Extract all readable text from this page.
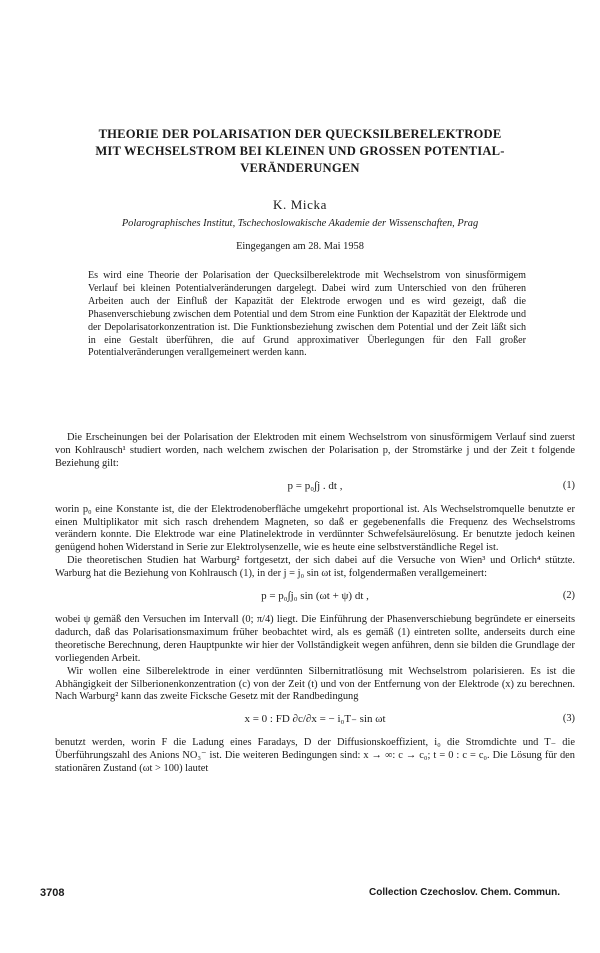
THEORIE DER POLARISATION DER QUECKSILBERELEKTRODE
MIT WECHSELSTROM BEI KLEINEN UND GROSSEN POTENTIAL-
VERÄNDERUNGEN
K. Micka
Polarographisches Institut, Tschechoslowakische Akademie der Wissenschaften, Prag
Eingegangen am 28. Mai 1958
Es wird eine Theorie der Polarisation der Quecksilberelektrode mit Wechselstrom von sinusförmigem Verlauf bei kleinen Potentialveränderungen dargelegt. Dabei wird zum Unterschied von den früheren Arbeiten auch der Einfluß der Kapazität der Elektrode erwogen und es wird gezeigt, daß die Phasenverschiebung zwischen dem Potential und dem Strom eine Funktion der Kapazität der Elektrode und der Depolarisatorkonzentration ist. Die Funktionsbeziehung zwischen dem Potential und der Zeit läßt sich in eine Gestalt überführen, die auf Grund approximativer Überlegungen für den Fall großer Potentialveränderungen verallgemeinert werden kann.

Die Erscheinungen bei der Polarisation der Elektroden mit einem Wechselstrom von sinusförmigem Verlauf sind zuerst von Kohlrausch¹ studiert worden, nach welchem zwischen der Polarisation p, der Stromstärke j und der Zeit t folgende Beziehung gilt:

p = p₀∫j . dt ,	(1)

worin p₀ eine Konstante ist, die der Elektrodenoberfläche umgekehrt proportional ist. Als Wechselstromquelle benutzte er einen Multiplikator mit sich rasch drehendem Magneten, so daß er gegebenenfalls die Frequenz des Wechselstroms verändern konnte. Die Elektrode war eine Platinelektrode in verdünnter Schwefelsäurelösung. Er benutzte jedoch keinen genügend hohen Widerstand in Serie zur Elektrolysenzelle, wie es heute eine selbstverständliche Regel ist.

Die theoretischen Studien hat Warburg² fortgesetzt, der sich dabei auf die Versuche von Wien³ und Orlich⁴ stützte. Warburg hat die Beziehung von Kohlrausch (1), in der j = j₀ sin ωt ist, folgendermaßen verallgemeinert:

p = p₀∫j₀ sin (ωt + ψ) dt ,	(2)

wobei ψ gemäß den Versuchen im Intervall (0; π/4) liegt. Die Einführung der Phasenverschiebung begründete er einerseits dadurch, daß das Polarisationsmaximum früher beobachtet wird, als es gemäß (1) eintreten sollte, anderseits durch eine theoretische Berechnung, deren Hauptpunkte wir hier der Vollständigkeit wegen anführen, denn sie bilden die Grundlage der vorliegenden Arbeit.

Wir wollen eine Silberelektrode in einer verdünnten Silbernitratlösung mit Wechselstrom polarisieren. Es ist die Abhängigkeit der Silberionenkonzentration (c) von der Zeit (t) und von der Entfernung von der Elektrode (x) zu berechnen. Nach Warburg² kann das zweite Ficksche Gesetz mit der Randbedingung

x = 0 : FD ∂c/∂x = − i₀T₋ sin ωt	(3)

benutzt werden, worin F die Ladung eines Faradays, D der Diffusionskoeffizient, i₀ die Stromdichte und T₋ die Überführungszahl des Anions NO₃⁻ ist. Die weiteren Bedingungen sind: x → ∞: c → c₀; t = 0 : c = c₀. Die Lösung für den stationären Zustand (ωt > 100) lautet

3708	Collection Czechoslov. Chem. Commun.
